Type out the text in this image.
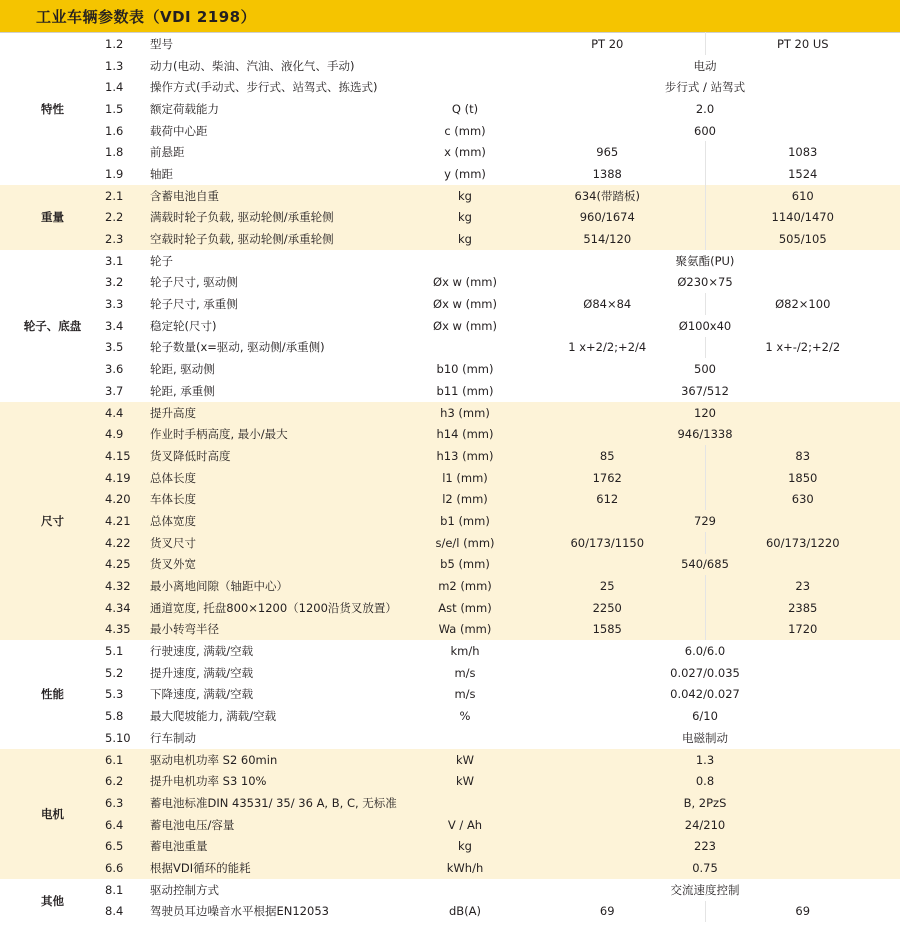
工业车辆参数表（VDI 2198）
特性	1.2	型号		PT 20	PT 20 US
	1.3	动力(电动、柴油、汽油、液化气、手动)		电动	
	1.4	操作方式(手动式、步行式、站驾式、拣选式)		步行式 / 站驾式	
	1.5	额定荷载能力	Q (t)	2.0	
	1.6	载荷中心距	c (mm)	600	
	1.8	前悬距	x (mm)	965	1083
	1.9	轴距	y (mm)	1388	1524
重量	2.1	含蓄电池自重	kg	634(带踏板)	610
	2.2	满载时轮子负载, 驱动轮侧/承重轮侧	kg	960/1674	1140/1470
	2.3	空载时轮子负载, 驱动轮侧/承重轮侧	kg	514/120	505/105
轮子、底盘	3.1	轮子		聚氨酯(PU)	
	3.2	轮子尺寸, 驱动侧	Øx w (mm)	Ø230×75	
	3.3	轮子尺寸, 承重侧	Øx w (mm)	Ø84×84	Ø82×100
	3.4	稳定轮(尺寸)	Øx w (mm)	Ø100x40	
	3.5	轮子数量(x=驱动, 驱动侧/承重侧)		1 x+2/2;+2/4	1 x+-/2;+2/2
	3.6	轮距, 驱动侧	b10 (mm)	500	
	3.7	轮距, 承重侧	b11 (mm)	367/512	
尺寸	4.4	提升高度	h3 (mm)	120	
	4.9	作业时手柄高度, 最小/最大	h14 (mm)	946/1338	
	4.15	货叉降低时高度	h13 (mm)	85	83
	4.19	总体长度	l1 (mm)	1762	1850
	4.20	车体长度	l2 (mm)	612	630
	4.21	总体宽度	b1 (mm)	729	
	4.22	货叉尺寸	s/e/l (mm)	60/173/1150	60/173/1220
	4.25	货叉外宽	b5 (mm)	540/685	
	4.32	最小离地间隙（轴距中心）	m2 (mm)	25	23
	4.34	通道宽度, 托盘800×1200（1200沿货叉放置）	Ast (mm)	2250	2385
	4.35	最小转弯半径	Wa (mm)	1585	1720
性能	5.1	行驶速度, 满载/空载	km/h	6.0/6.0	
	5.2	提升速度, 满载/空载	m/s	0.027/0.035	
	5.3	下降速度, 满载/空载	m/s	0.042/0.027	
	5.8	最大爬坡能力, 满载/空载	%	6/10	
	5.10	行车制动		电磁制动	
电机	6.1	驱动电机功率 S2 60min	kW	1.3	
	6.2	提升电机功率 S3 10%	kW	0.8	
	6.3	蓄电池标准DIN 43531/ 35/ 36 A, B, C, 无标准		B, 2PzS	
	6.4	蓄电池电压/容量	V / Ah	24/210	
	6.5	蓄电池重量	kg	223	
	6.6	根据VDI循环的能耗	kWh/h	0.75	
其他	8.1	驱动控制方式		交流速度控制	
	8.4	驾驶员耳边噪音水平根据EN12053	dB(A)	69	69
